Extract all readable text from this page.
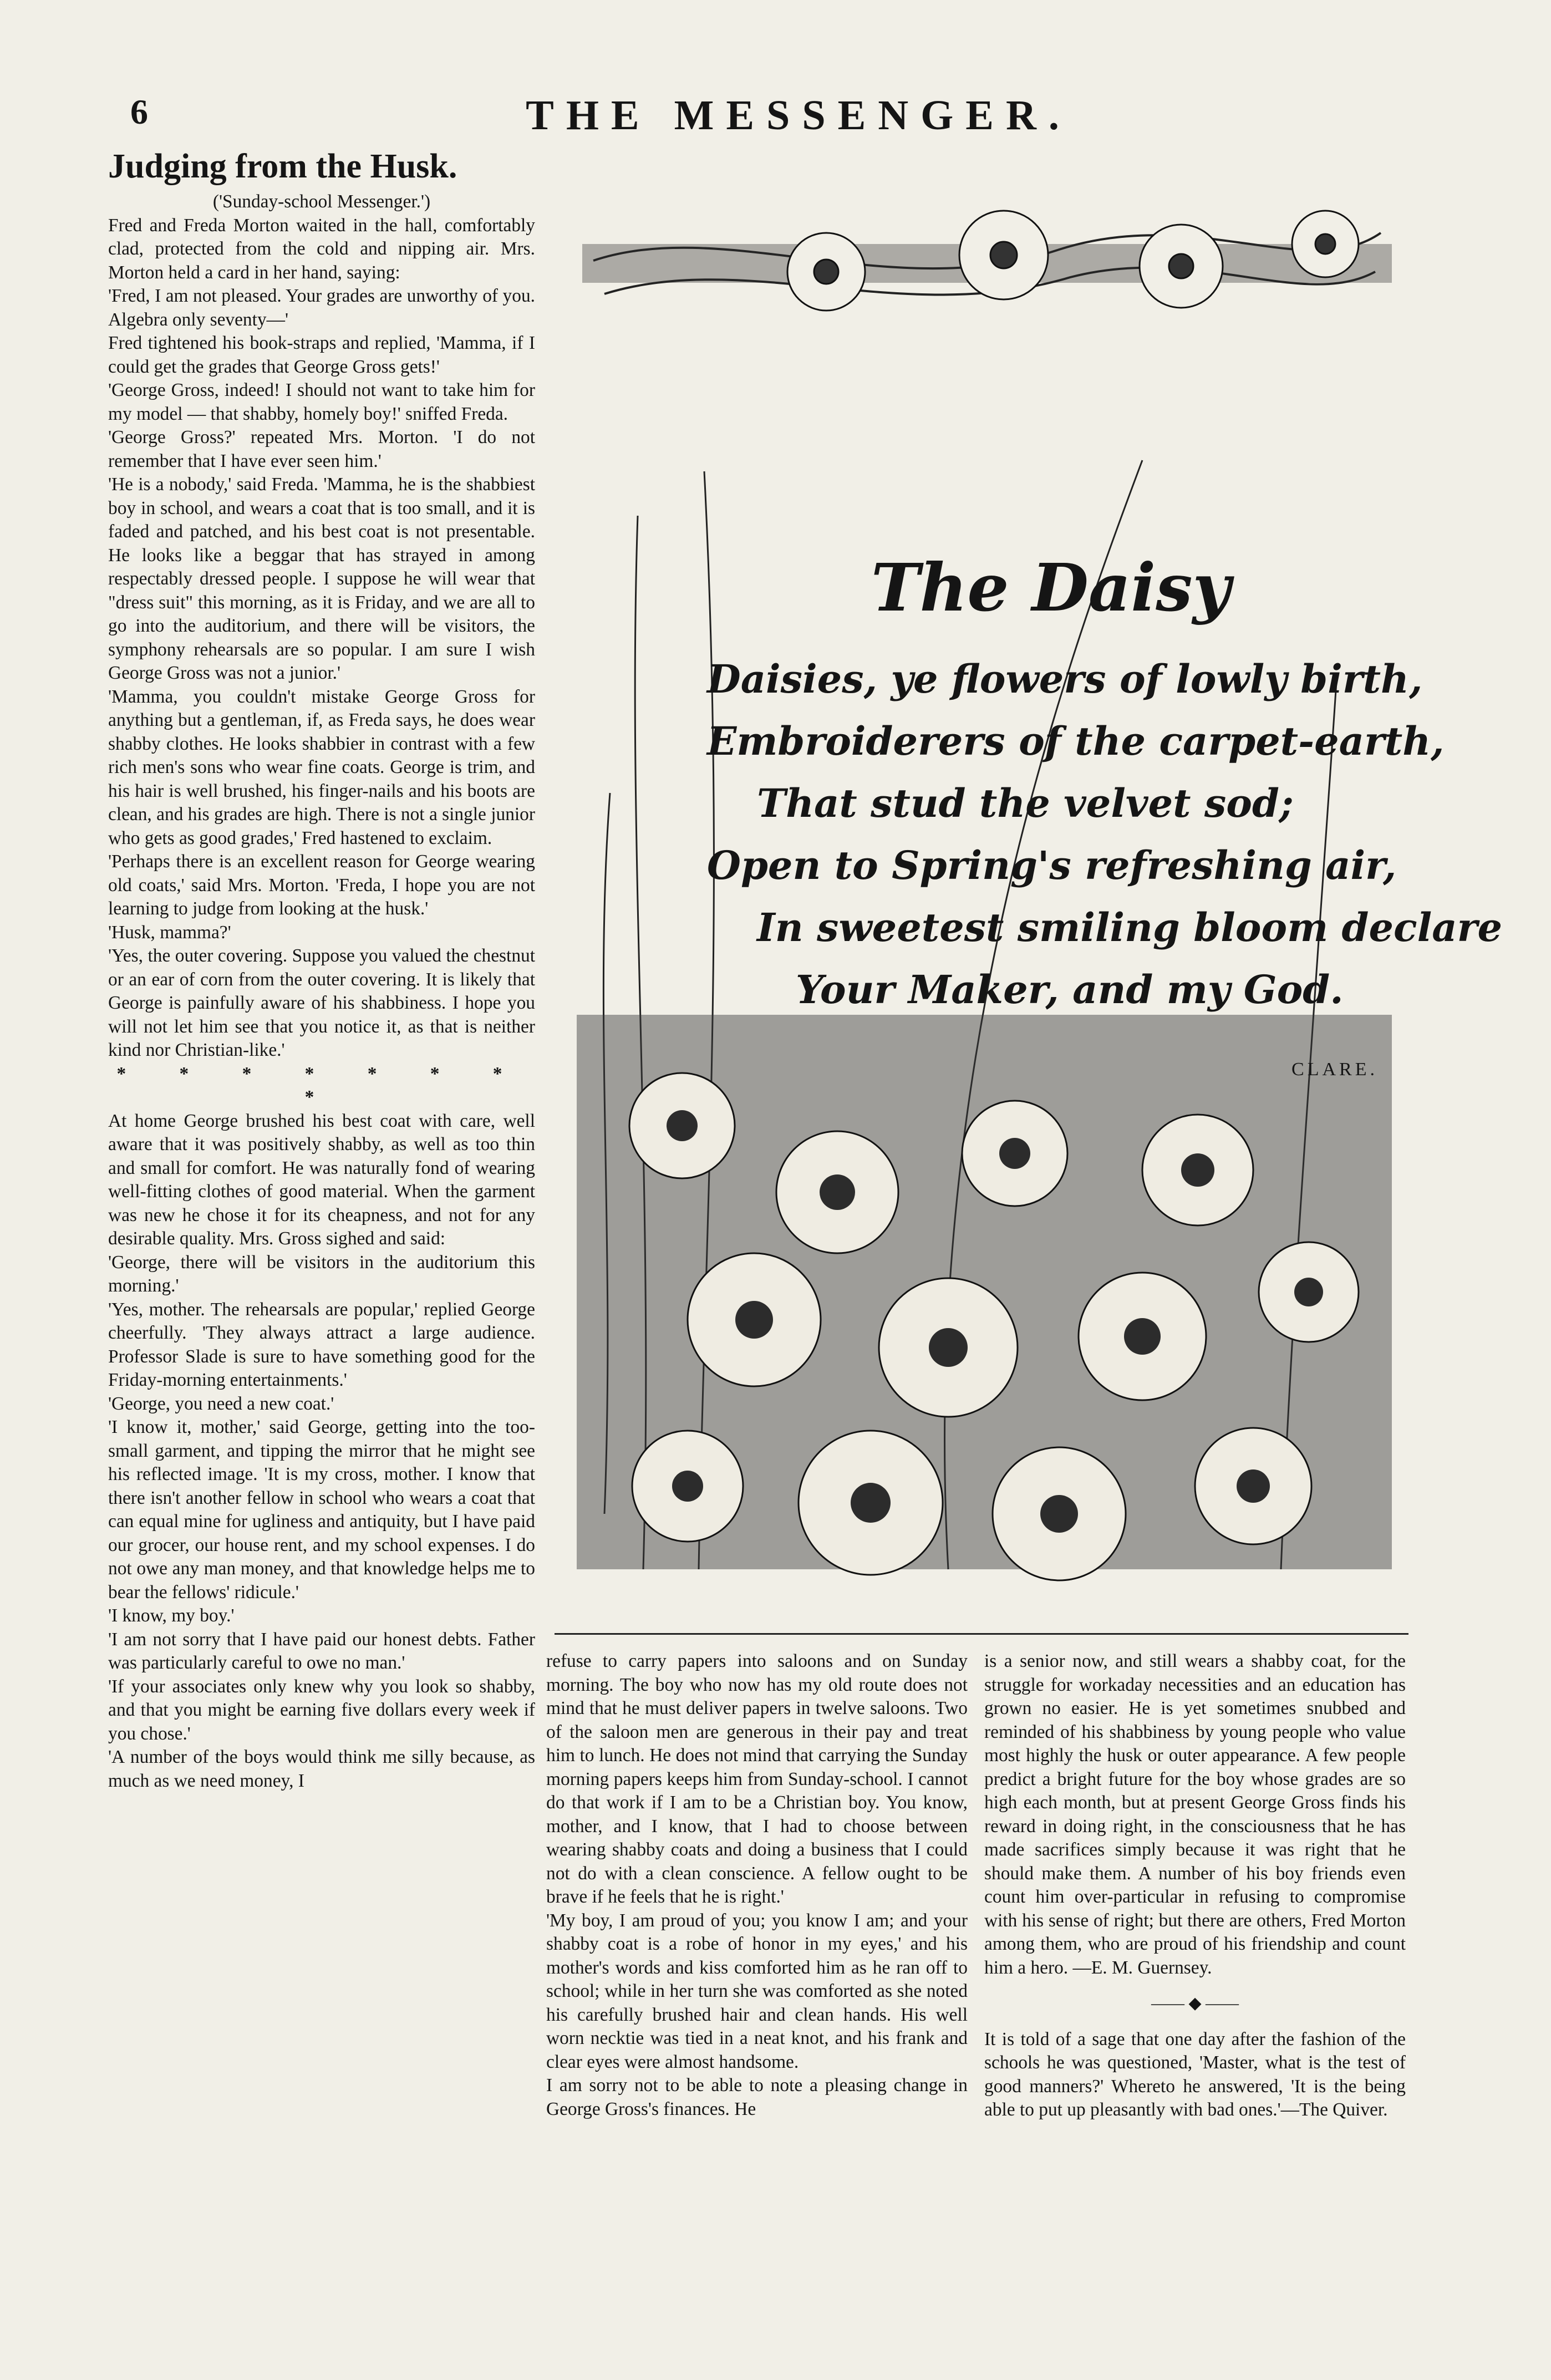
6	THE MESSENGER.
Judging from the Husk.

('Sunday-school Messenger.')

Fred and Freda Morton waited in the hall, comfortably clad, protected from the cold and nipping air. Mrs. Morton held a card in her hand, saying:

'Fred, I am not pleased. Your grades are unworthy of you. Algebra only seventy—'

Fred tightened his book-straps and replied, 'Mamma, if I could get the grades that George Gross gets!'

'George Gross, indeed! I should not want to take him for my model — that shabby, homely boy!' sniffed Freda.

'George Gross?' repeated Mrs. Morton. 'I do not remember that I have ever seen him.'

'He is a nobody,' said Freda. 'Mamma, he is the shabbiest boy in school, and wears a coat that is too small, and it is faded and patched, and his best coat is not presentable. He looks like a beggar that has strayed in among respectably dressed people. I suppose he will wear that "dress suit" this morning, as it is Friday, and we are all to go into the auditorium, and there will be visitors, the symphony rehearsals are so popular. I am sure I wish George Gross was not a junior.'

'Mamma, you couldn't mistake George Gross for anything but a gentleman, if, as Freda says, he does wear shabby clothes. He looks shabbier in contrast with a few rich men's sons who wear fine coats. George is trim, and his hair is well brushed, his finger-nails and his boots are clean, and his grades are high. There is not a single junior who gets as good grades,' Fred hastened to exclaim.

'Perhaps there is an excellent reason for George wearing old coats,' said Mrs. Morton. 'Freda, I hope you are not learning to judge from looking at the husk.'

'Husk, mamma?'

'Yes, the outer covering. Suppose you valued the chestnut or an ear of corn from the outer covering. It is likely that George is painfully aware of his shabbiness. I hope you will not let him see that you notice it, as that is neither kind nor Christian-like.'

* * * * * * * *

At home George brushed his best coat with care, well aware that it was positively shabby, as well as too thin and small for comfort. He was naturally fond of wearing well-fitting clothes of good material. When the garment was new he chose it for its cheapness, and not for any desirable quality. Mrs. Gross sighed and said:

'George, there will be visitors in the auditorium this morning.'

'Yes, mother. The rehearsals are popular,' replied George cheerfully. 'They always attract a large audience. Professor Slade is sure to have something good for the Friday-morning entertainments.'

'George, you need a new coat.'

'I know it, mother,' said George, getting into the too-small garment, and tipping the mirror that he might see his reflected image. 'It is my cross, mother. I know that there isn't another fellow in school who wears a coat that can equal mine for ugliness and antiquity, but I have paid our grocer, our house rent, and my school expenses. I do not owe any man money, and that knowledge helps me to bear the fellows' ridicule.'

'I know, my boy.'

'I am not sorry that I have paid our honest debts. Father was particularly careful to owe no man.'

'If your associates only knew why you look so shabby, and that you might be earning five dollars every week if you chose.'

'A number of the boys would think me silly because, as much as we need money, I

The Daisy

Daisies, ye flowers of lowly birth,

Embroiderers of the carpet-earth,

That stud the velvet sod;

Open to Spring's refreshing air,

In sweetest smiling bloom declare

Your Maker, and my God.

CLARE.

refuse to carry papers into saloons and on Sunday morning. The boy who now has my old route does not mind that he must deliver papers in twelve saloons. Two of the saloon men are generous in their pay and treat him to lunch. He does not mind that carrying the Sunday morning papers keeps him from Sunday-school. I cannot do that work if I am to be a Christian boy. You know, mother, and I know, that I had to choose between wearing shabby coats and doing a business that I could not do with a clean conscience. A fellow ought to be brave if he feels that he is right.'

'My boy, I am proud of you; you know I am; and your shabby coat is a robe of honor in my eyes,' and his mother's words and kiss comforted him as he ran off to school; while in her turn she was comforted as she noted his carefully brushed hair and clean hands. His well worn necktie was tied in a neat knot, and his frank and clear eyes were almost handsome.

I am sorry not to be able to note a pleasing change in George Gross's finances. He

is a senior now, and still wears a shabby coat, for the struggle for workaday necessities and an education has grown no easier. He is yet sometimes snubbed and reminded of his shabbiness by young people who value most highly the husk or outer appearance. A few people predict a bright future for the boy whose grades are so high each month, but at present George Gross finds his reward in doing right, in the consciousness that he has made sacrifices simply because it was right that he should make them. A number of his boy friends even count him over-particular in refusing to compromise with his sense of right; but there are others, Fred Morton among them, who are proud of his friendship and count him a hero. —E. M. Guernsey.

—— ◆ ——

It is told of a sage that one day after the fashion of the schools he was questioned, 'Master, what is the test of good manners?' Whereto he answered, 'It is the being able to put up pleasantly with bad ones.'—The Quiver.
